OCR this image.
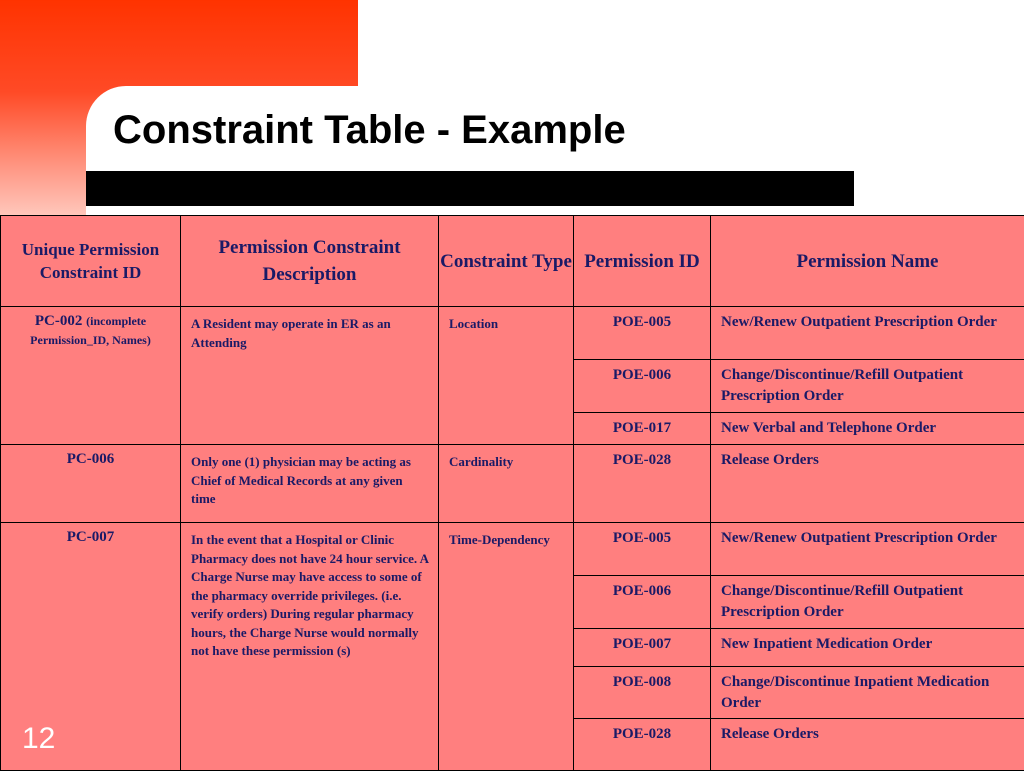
Constraint Table - Example
Unique Permission Constraint ID	Permission Constraint Description	Constraint Type	Permission ID	Permission Name
PC-002 (incomplete Permission_ID, Names)	A Resident may operate in ER as an Attending	Location	POE-005	New/Renew Outpatient Prescription Order
			POE-006	Change/Discontinue/Refill Outpatient Prescription Order
			POE-017	New Verbal and Telephone Order
PC-006	Only one (1) physician may be acting as Chief of Medical Records at any given time	Cardinality	POE-028	Release Orders
PC-007	In the event that a Hospital or Clinic Pharmacy does not have 24 hour service. A Charge Nurse may have access to some of the pharmacy override privileges. (i.e. verify orders) During regular pharmacy hours, the Charge Nurse would normally not have these permission (s)	Time-Dependency	POE-005	New/Renew Outpatient Prescription Order
			POE-006	Change/Discontinue/Refill Outpatient Prescription Order
			POE-007	New Inpatient Medication Order
			POE-008	Change/Discontinue Inpatient Medication Order
			POE-028	Release Orders
12
